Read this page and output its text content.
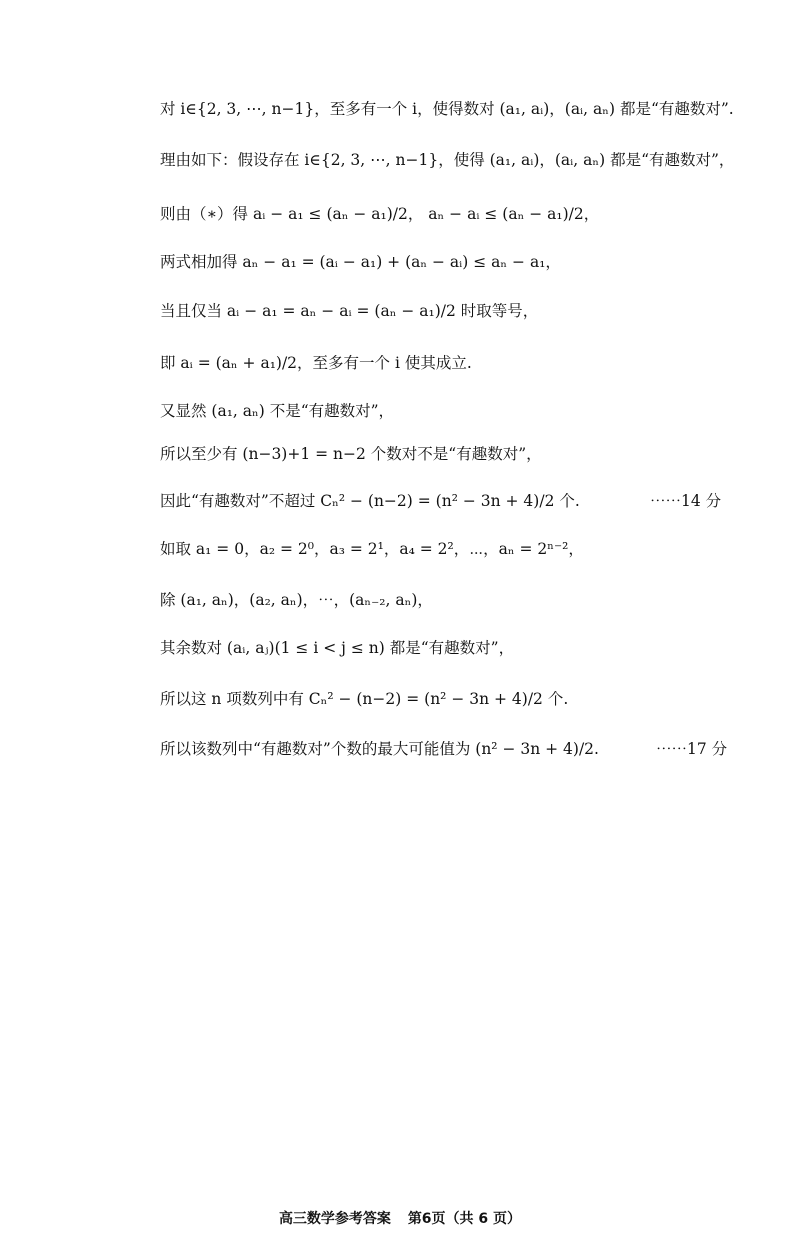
对 i∈{2, 3, ⋯, n−1}，至多有一个 i，使得数对 (a₁, aᵢ)，(aᵢ, aₙ) 都是“有趣数对”.
理由如下：假设存在 i∈{2, 3, ⋯, n−1}，使得 (a₁, aᵢ)，(aᵢ, aₙ) 都是“有趣数对”，
则由（∗）得 aᵢ − a₁ ≤ (aₙ − a₁)/2， aₙ − aᵢ ≤ (aₙ − a₁)/2，
两式相加得 aₙ − a₁ = (aᵢ − a₁) + (aₙ − aᵢ) ≤ aₙ − a₁，
当且仅当 aᵢ − a₁ = aₙ − aᵢ = (aₙ − a₁)/2 时取等号，
即 aᵢ = (aₙ + a₁)/2，至多有一个 i 使其成立.
又显然 (a₁, aₙ) 不是“有趣数对”，
所以至少有 (n−3)+1 = n−2 个数对不是“有趣数对”，
因此“有趣数对”不超过 Cₙ² − (n−2) = (n² − 3n + 4)/2 个.	⋯⋯14 分
如取 a₁ = 0，a₂ = 2⁰，a₃ = 2¹，a₄ = 2²，⋯，aₙ = 2ⁿ⁻²，
除 (a₁, aₙ)，(a₂, aₙ)，⋯，(aₙ₋₂, aₙ)，
其余数对 (aᵢ, aⱼ)(1 ≤ i < j ≤ n) 都是“有趣数对”，
所以这 n 项数列中有 Cₙ² − (n−2) = (n² − 3n + 4)/2 个.
所以该数列中“有趣数对”个数的最大可能值为 (n² − 3n + 4)/2.	⋯⋯17 分
高三数学参考答案 第6页（共 6 页）
